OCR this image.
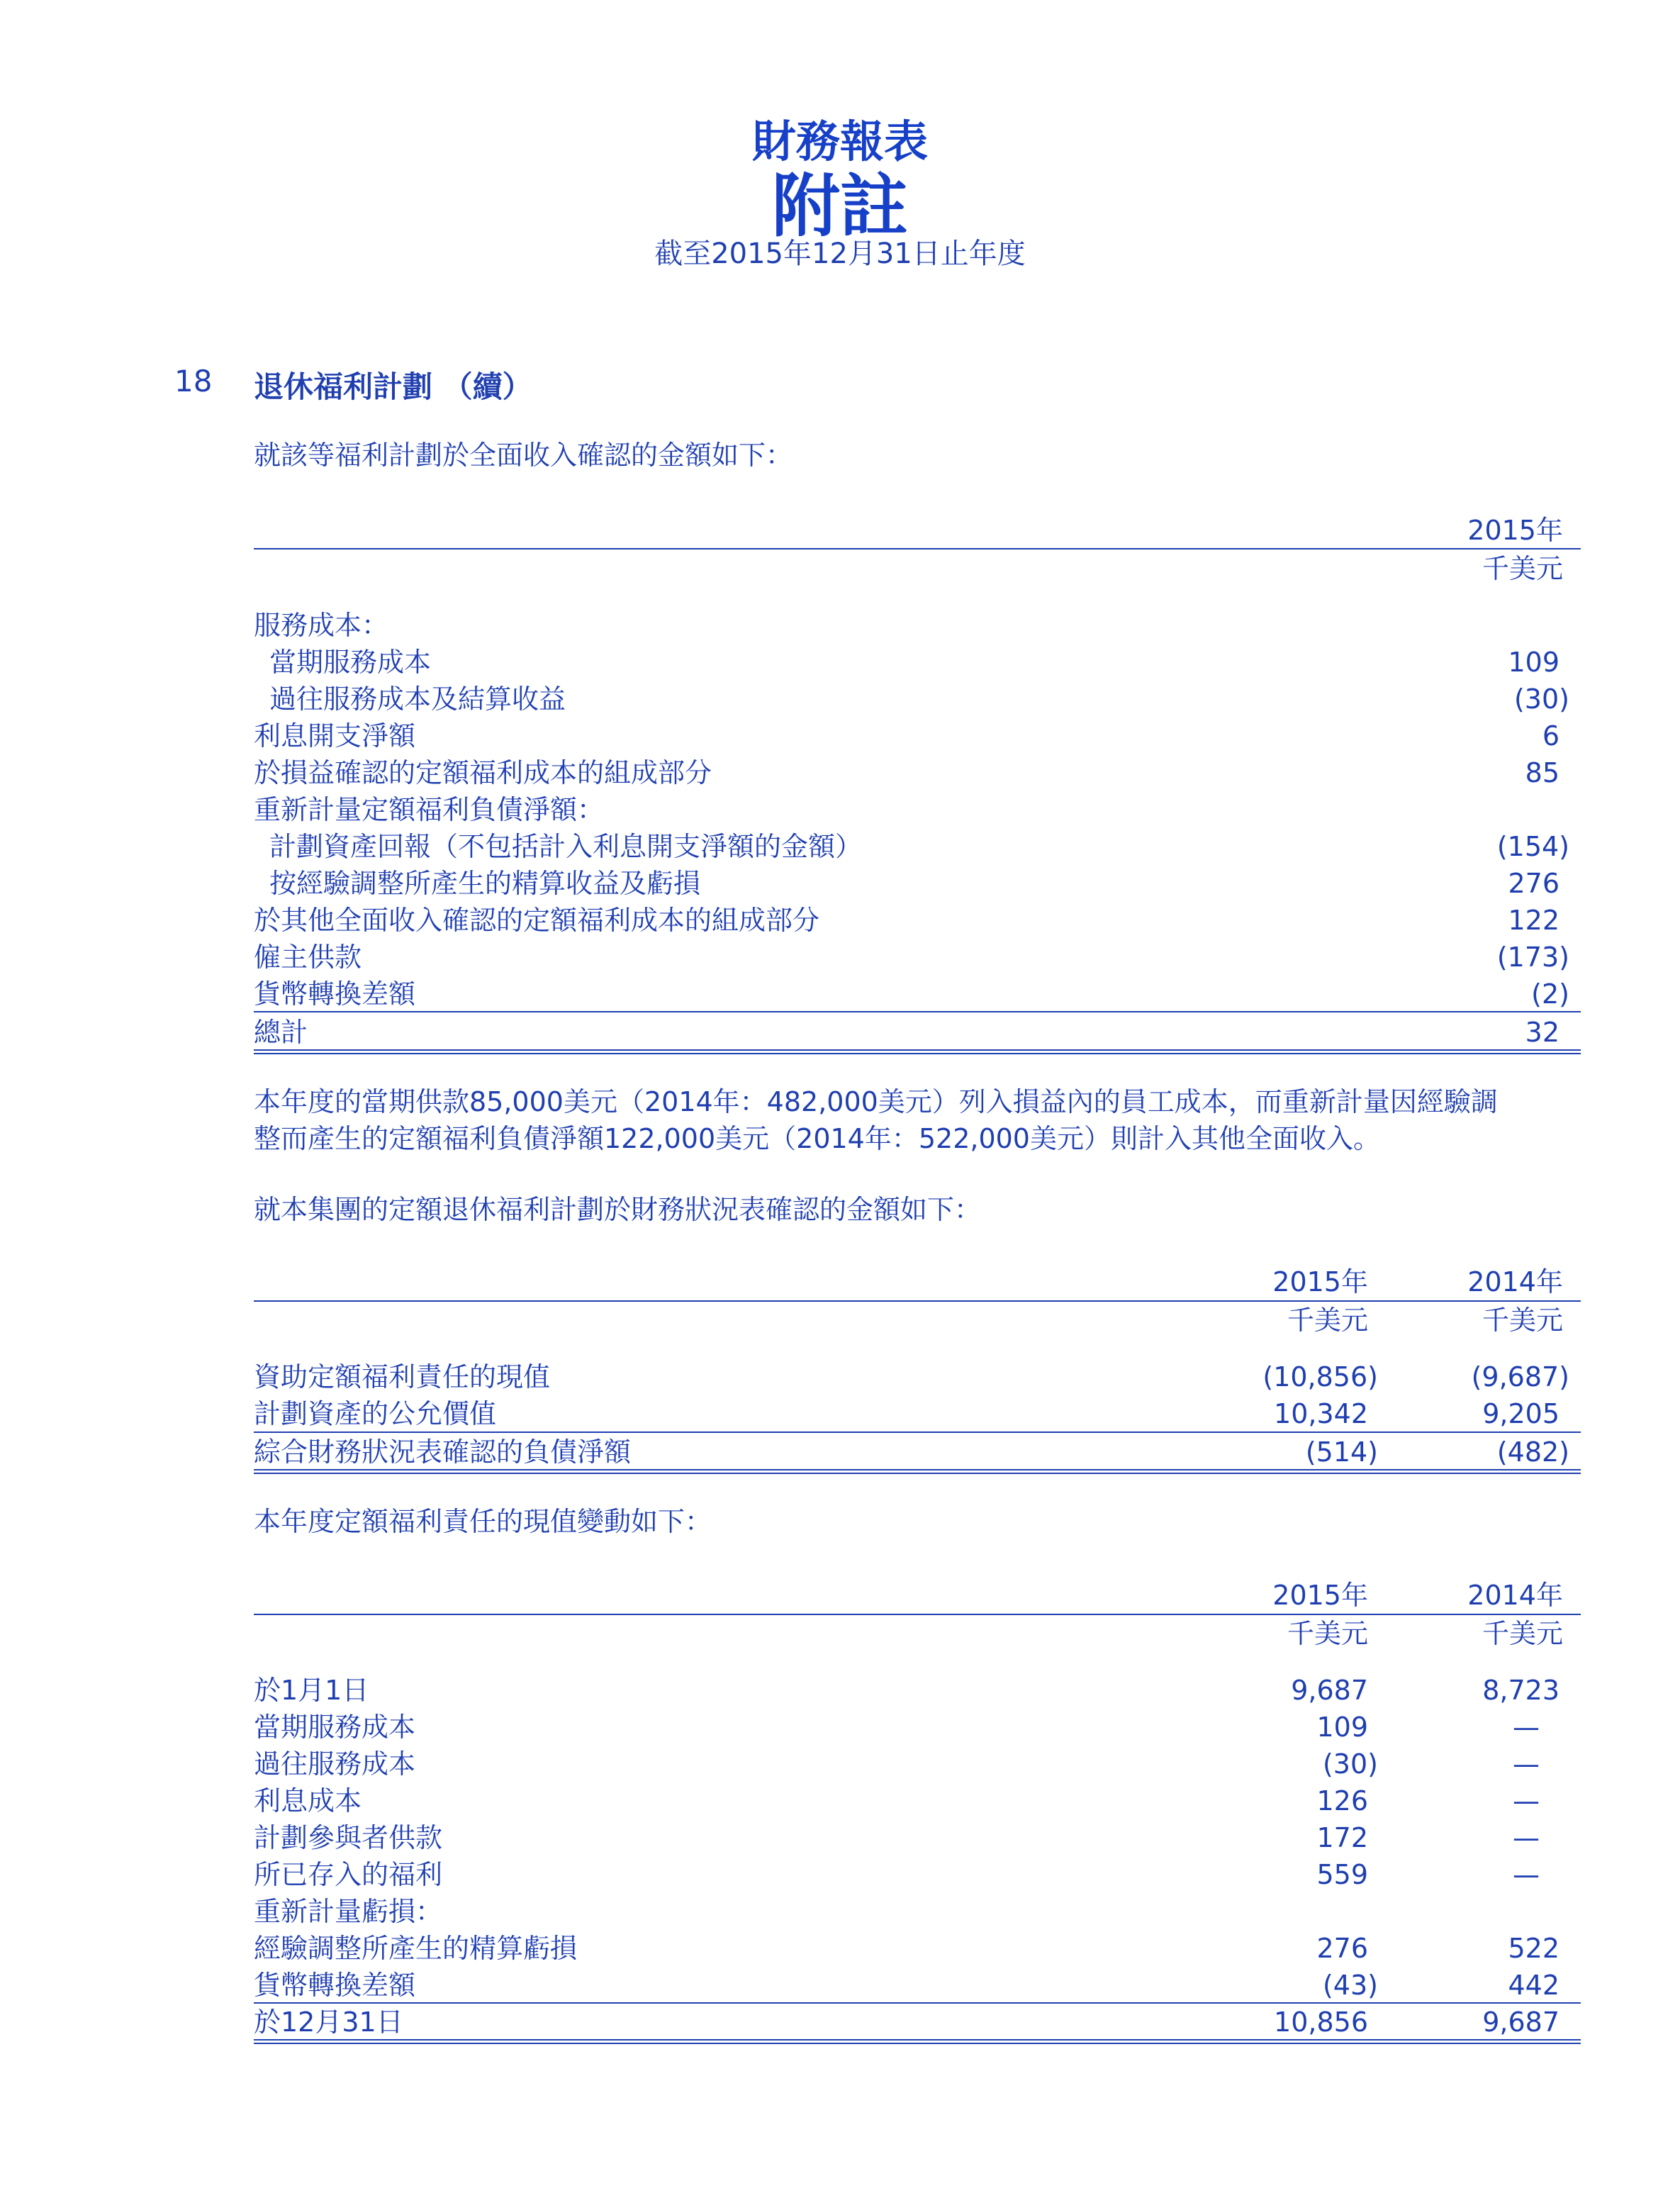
財務報表
附註
截至2015年12月31日止年度
18 退休福利計劃 （續）
就該等福利計劃於全面收入確認的金額如下：
2015年
千美元
服務成本：
當期服務成本	109
過往服務成本及結算收益	(30)
利息開支淨額	6
於損益確認的定額福利成本的組成部分	85
重新計量定額福利負債淨額：
計劃資產回報（不包括計入利息開支淨額的金額）	(154)
按經驗調整所產生的精算收益及虧損	276
於其他全面收入確認的定額福利成本的組成部分	122
僱主供款	(173)
貨幣轉換差額	(2)
總計	32
本年度的當期供款85,000美元（2014年：482,000美元）列入損益內的員工成本，而重新計量因經驗調
整而產生的定額福利負債淨額122,000美元（2014年：522,000美元）則計入其他全面收入。
就本集團的定額退休福利計劃於財務狀況表確認的金額如下：
2015年	2014年
千美元	千美元
資助定額福利責任的現值	(10,856)	(9,687)
計劃資產的公允價值	10,342	9,205
綜合財務狀況表確認的負債淨額	(514)	(482)
本年度定額福利責任的現值變動如下：
2015年	2014年
千美元	千美元
於1月1日	9,687	8,723
當期服務成本	109	—
過往服務成本	(30)	—
利息成本	126	—
計劃參與者供款	172	—
所已存入的福利	559	—
重新計量虧損：
經驗調整所產生的精算虧損	276	522
貨幣轉換差額	(43)	442
於12月31日	10,856	9,687
